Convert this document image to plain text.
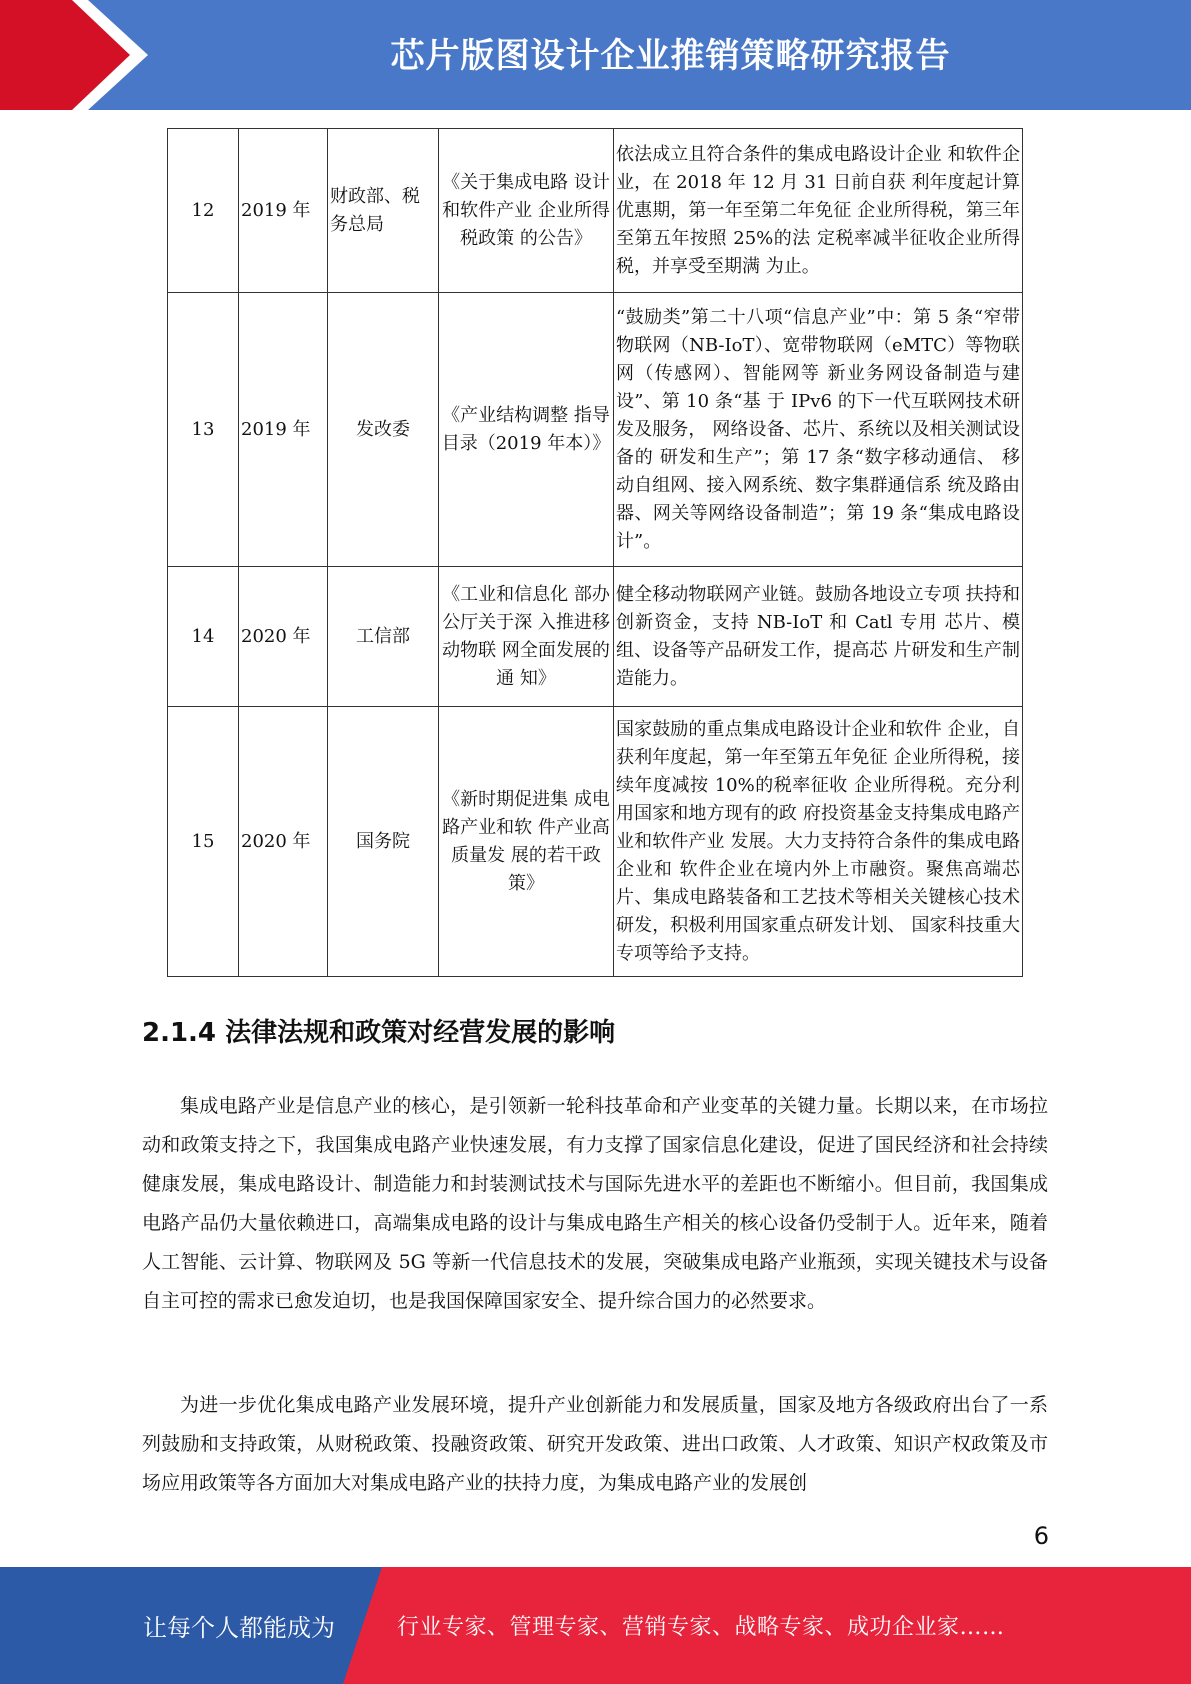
芯片版图设计企业推销策略研究报告
12	2019 年	财政部、税务总局	《关于集成电路 设计和软件产业 企业所得税政策 的公告》	依法成立且符合条件的集成电路设计企业 和软件企业，在 2018 年 12 月 31 日前自获 利年度起计算优惠期，第一年至第二年免征 企业所得税，第三年至第五年按照 25%的法 定税率减半征收企业所得税，并享受至期满 为止。
13	2019 年	发改委	《产业结构调整 指导目录（2019 年本）》	“鼓励类”第二十八项“信息产业”中：第 5 条“窄带物联网（NB-IoT）、宽带物联网（eMTC）等物联网（传感网）、智能网等 新业务网设备制造与建设”、第 10 条“基 于 IPv6 的下一代互联网技术研发及服务， 网络设备、芯片、系统以及相关测试设备的 研发和生产”；第 17 条“数字移动通信、 移动自组网、接入网系统、数字集群通信系 统及路由器、网关等网络设备制造”；第 19 条“集成电路设计”。
14	2020 年	工信部	《工业和信息化 部办公厅关于深 入推进移动物联 网全面发展的通 知》	健全移动物联网产业链。鼓励各地设立专项 扶持和创新资金，支持 NB-IoT 和 Catl 专用 芯片、模组、设备等产品研发工作，提高芯 片研发和生产制造能力。
15	2020 年	国务院	《新时期促进集 成电路产业和软 件产业高质量发 展的若干政策》	国家鼓励的重点集成电路设计企业和软件 企业，自获利年度起，第一年至第五年免征 企业所得税，接续年度减按 10%的税率征收 企业所得税。充分利用国家和地方现有的政 府投资基金支持集成电路产业和软件产业 发展。大力支持符合条件的集成电路企业和 软件企业在境内外上市融资。聚焦高端芯 片、集成电路装备和工艺技术等相关关键核心技术研发，积极利用国家重点研发计划、 国家科技重大专项等给予支持。
2.1.4 法律法规和政策对经营发展的影响

集成电路产业是信息产业的核心，是引领新一轮科技革命和产业变革的关键力量。长期以来，在市场拉动和政策支持之下，我国集成电路产业快速发展，有力支撑了国家信息化建设，促进了国民经济和社会持续健康发展，集成电路设计、制造能力和封装测试技术与国际先进水平的差距也不断缩小。但目前，我国集成电路产品仍大量依赖进口，高端集成电路的设计与集成电路生产相关的核心设备仍受制于人。近年来，随着人工智能、云计算、物联网及 5G 等新一代信息技术的发展，突破集成电路产业瓶颈，实现关键技术与设备自主可控的需求已愈发迫切，也是我国保障国家安全、提升综合国力的必然要求。

为进一步优化集成电路产业发展环境，提升产业创新能力和发展质量，国家及地方各级政府出台了一系列鼓励和支持政策，从财税政策、投融资政策、研究开发政策、进出口政策、人才政策、知识产权政策及市场应用政策等各方面加大对集成电路产业的扶持力度，为集成电路产业的发展创

6
让每个人都能成为	行业专家、管理专家、营销专家、战略专家、成功企业家……
